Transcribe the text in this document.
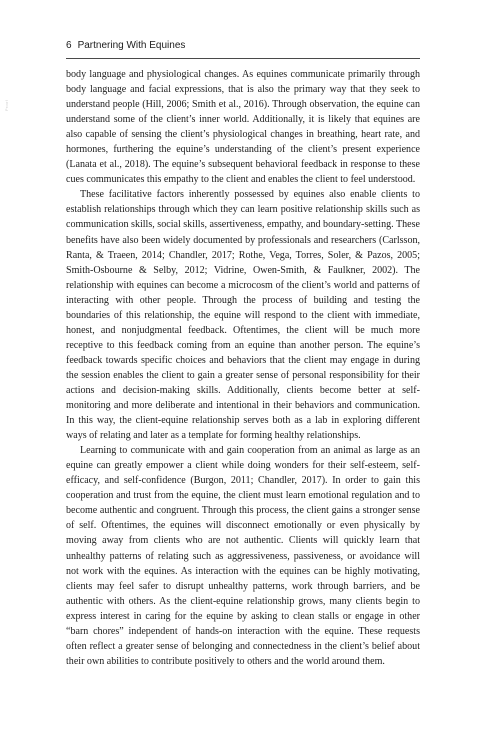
Proof
6 Partnering With Equines

body language and physiological changes. As equines communicate primarily through body language and facial expressions, that is also the primary way that they seek to understand people (Hill, 2006; Smith et al., 2016). Through observation, the equine can understand some of the client’s inner world. Additionally, it is likely that equines are also capable of sensing the client’s physiological changes in breathing, heart rate, and hormones, furthering the equine’s understanding of the client’s present experience (Lanata et al., 2018). The equine’s subsequent behavioral feedback in response to these cues communicates this empathy to the client and enables the client to feel understood.

These facilitative factors inherently possessed by equines also enable clients to establish relationships through which they can learn positive relationship skills such as communication skills, social skills, assertiveness, empathy, and boundary-setting. These benefits have also been widely documented by professionals and researchers (Carlsson, Ranta, & Traeen, 2014; Chandler, 2017; Rothe, Vega, Torres, Soler, & Pazos, 2005; Smith-Osbourne & Selby, 2012; Vidrine, Owen-Smith, & Faulkner, 2002). The relationship with equines can become a microcosm of the client’s world and patterns of interacting with other people. Through the process of building and testing the boundaries of this relationship, the equine will respond to the client with immediate, honest, and nonjudgmental feedback. Oftentimes, the client will be much more receptive to this feedback coming from an equine than another person. The equine’s feedback towards specific choices and behaviors that the client may engage in during the session enables the client to gain a greater sense of personal responsibility for their actions and decision-making skills. Additionally, clients become better at self-monitoring and more deliberate and intentional in their behaviors and communication. In this way, the client-equine relationship serves both as a lab in exploring different ways of relating and later as a template for forming healthy relationships.

Learning to communicate with and gain cooperation from an animal as large as an equine can greatly empower a client while doing wonders for their self-esteem, self-efficacy, and self-confidence (Burgon, 2011; Chandler, 2017). In order to gain this cooperation and trust from the equine, the client must learn emotional regulation and to become authentic and congruent. Through this process, the client gains a stronger sense of self. Oftentimes, the equines will disconnect emotionally or even physically by moving away from clients who are not authentic. Clients will quickly learn that unhealthy patterns of relating such as aggressiveness, passiveness, or avoidance will not work with the equines. As interaction with the equines can be highly motivating, clients may feel safer to disrupt unhealthy patterns, work through barriers, and be authentic with others. As the client-equine relationship grows, many clients begin to express interest in caring for the equine by asking to clean stalls or engage in other “barn chores” independent of hands-on interaction with the equine. These requests often reflect a greater sense of belonging and connectedness in the client’s belief about their own abilities to contribute positively to others and the world around them.
